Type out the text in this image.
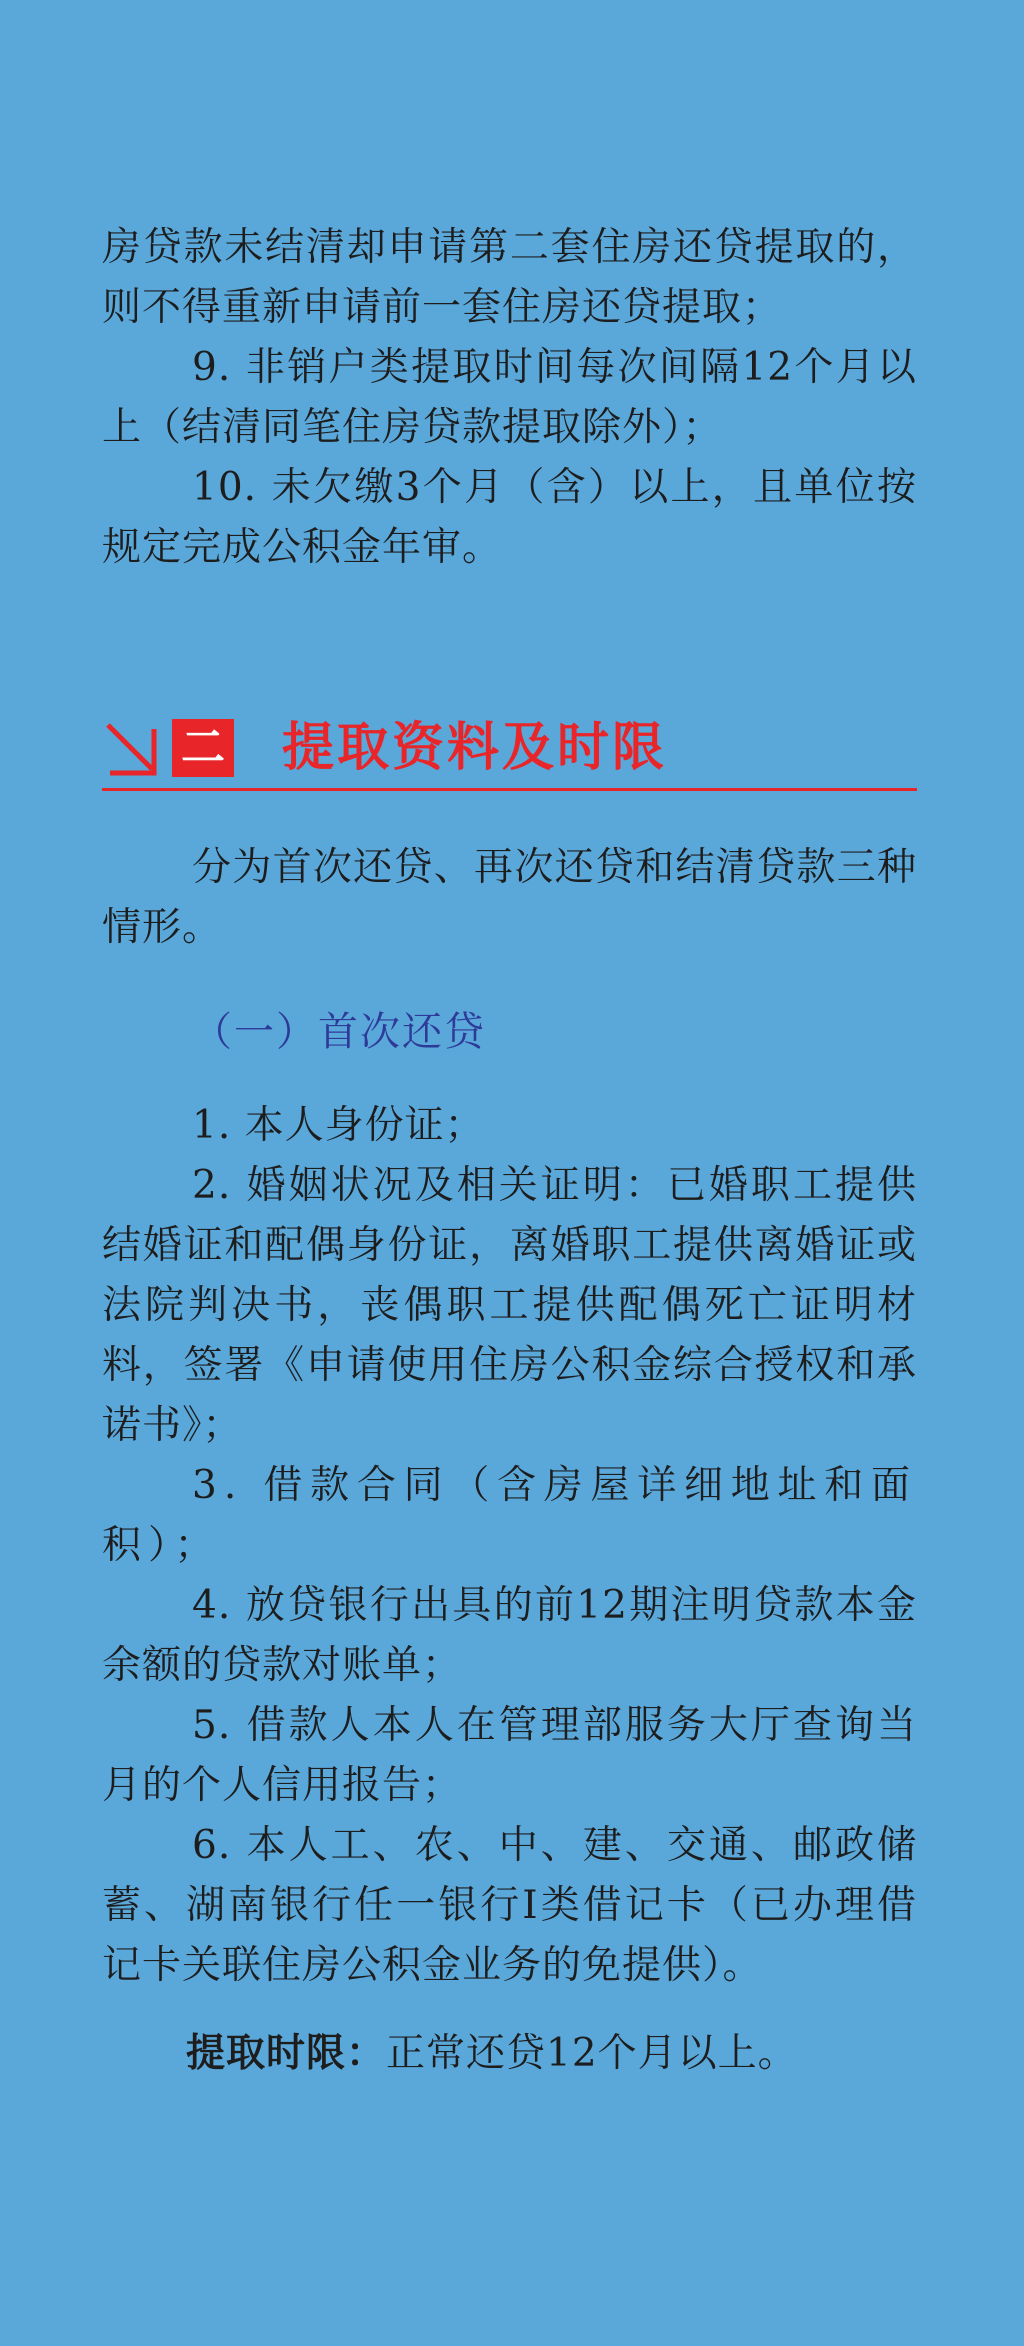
房贷款未结清却申请第二套住房还贷提取的，则不得重新申请前一套住房还贷提取；

9. 非销户类提取时间每次间隔12个月以上（结清同笔住房贷款提取除外）；

10. 未欠缴3个月（含）以上，且单位按规定完成公积金年审。

二 提取资料及时限

分为首次还贷、再次还贷和结清贷款三种情形。

（一）首次还贷

1. 本人身份证；

2. 婚姻状况及相关证明：已婚职工提供结婚证和配偶身份证，离婚职工提供离婚证或法院判决书，丧偶职工提供配偶死亡证明材料，签署《申请使用住房公积金综合授权和承诺书》；

3. 借款合同（含房屋详细地址和面积）；

4. 放贷银行出具的前12期注明贷款本金余额的贷款对账单；

5. 借款人本人在管理部服务大厅查询当月的个人信用报告；

6. 本人工、农、中、建、交通、邮政储蓄、湖南银行任一银行Ⅰ类借记卡（已办理借记卡关联住房公积金业务的免提供）。

提取时限：正常还贷12个月以上。
